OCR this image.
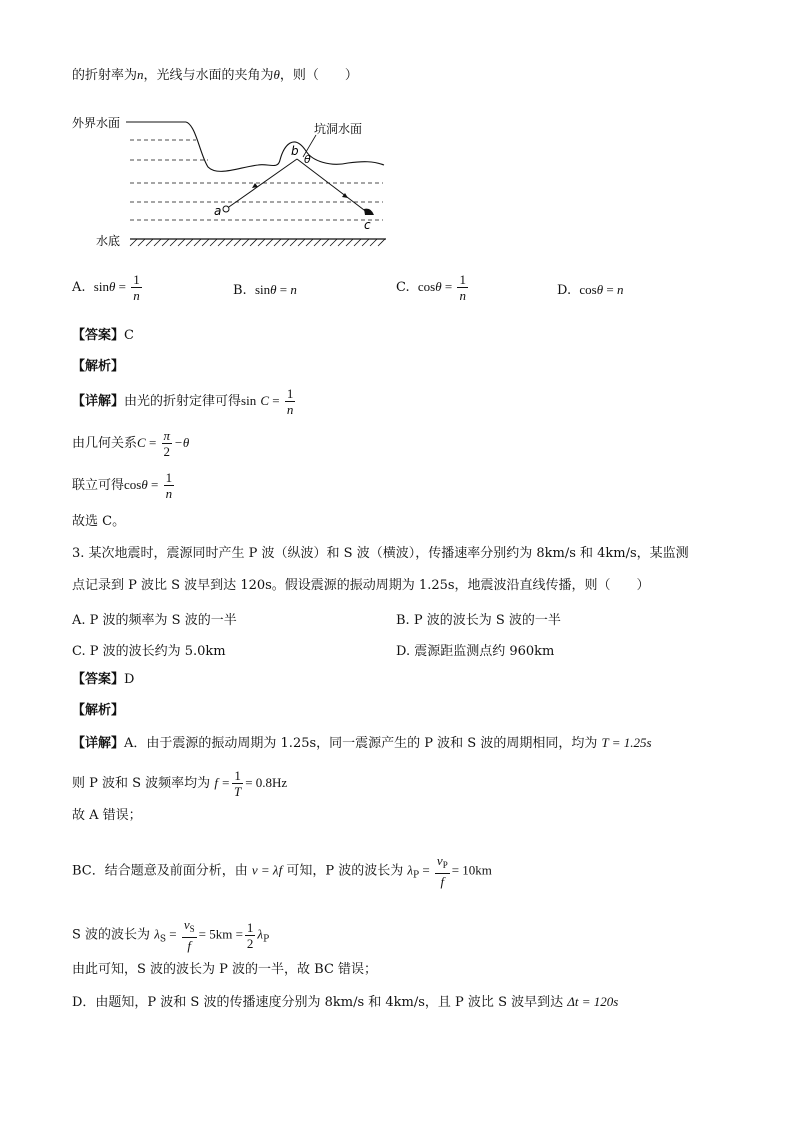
的折射率为n，光线与水面的夹角为θ，则（　　）
外界水面	坑洞水面
a
b
θ
c
水底
A. $\sin\theta = \frac{1}{n}$	B. sinθ = n	C. $\cos\theta = \frac{1}{n}$	D. cosθ = n
【答案】C
【解析】
【详解】由光的折射定律可得$\sin C = \frac{1}{n}$
由几何关系$C = \frac{\pi}{2} -\theta$
联立可得$\cos\theta = \frac{1}{n}$
故选 C。
3. 某次地震时，震源同时产生 P 波（纵波）和 S 波（横波），传播速率分别约为 8km/s 和 4km/s，某监测
点记录到 P 波比 S 波早到达 120s。假设震源的振动周期为 1.25s，地震波沿直线传播，则（　　）
A. P 波的频率为 S 波的一半	B. P 波的波长为 S 波的一半
C. P 波的波长约为 5.0km	D. 震源距监测点约 960km
【答案】D
【解析】
【详解】A．由于震源的振动周期为 1.25s，同一震源产生的 P 波和 S 波的周期相同，均为 T = 1.25s
则 P 波和 S 波频率均为 $f = \frac{1}{T} = 0.8Hz$
故 A 错误；
BC．结合题意及前面分析，由 v = λf 可知，P 波的波长为 $\lambda_P = \frac{v_P}{f} = 10km$
S 波的波长为 $\lambda_S = \frac{v_S}{f} = 5km = \frac{1}{2} \lambda_P$
由此可知，S 波的波长为 P 波的一半，故 BC 错误；
D．由题知，P 波和 S 波的传播速度分别为 8km/s 和 4km/s，且 P 波比 S 波早到达 Δt = 120s
